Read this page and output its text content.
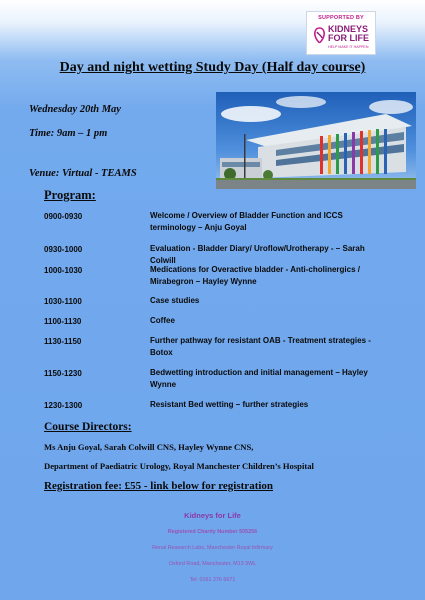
SUPPORTED BY
KIDNEYS
FOR LIFE
HELP MAKE IT HAPPEN
Day and night wetting Study Day (Half day course)
Wednesday 20th May
Time: 9am – 1 pm
Venue: Virtual - TEAMS
Program:
0900-0930	Welcome / Overview of Bladder Function and ICCS
terminology – Anju Goyal
0930-1000	Evaluation - Bladder Diary/ Uroflow/Urotherapy - – Sarah Colwill
1000-1030	Medications for Overactive bladder - Anti-cholinergics /
Mirabegron – Hayley Wynne
1030-1100	Case studies
1100-1130	Coffee
1130-1150	Further pathway for resistant OAB - Treatment strategies -
Botox
1150-1230	Bedwetting introduction and initial management – Hayley
Wynne
1230-1300	Resistant Bed wetting – further strategies
Course Directors:
Ms Anju Goyal, Sarah Colwill CNS, Hayley Wynne CNS,
Department of Paediatric Urology, Royal Manchester Children’s Hospital
Registration fee: £55 - link below for registration
Kidneys for Life
Registered Charity Number 505256
Renal Research Labs, Manchester Royal Infirmary
Oxford Road, Manchester, M13 9WL
Tel: 0161 276 6671
